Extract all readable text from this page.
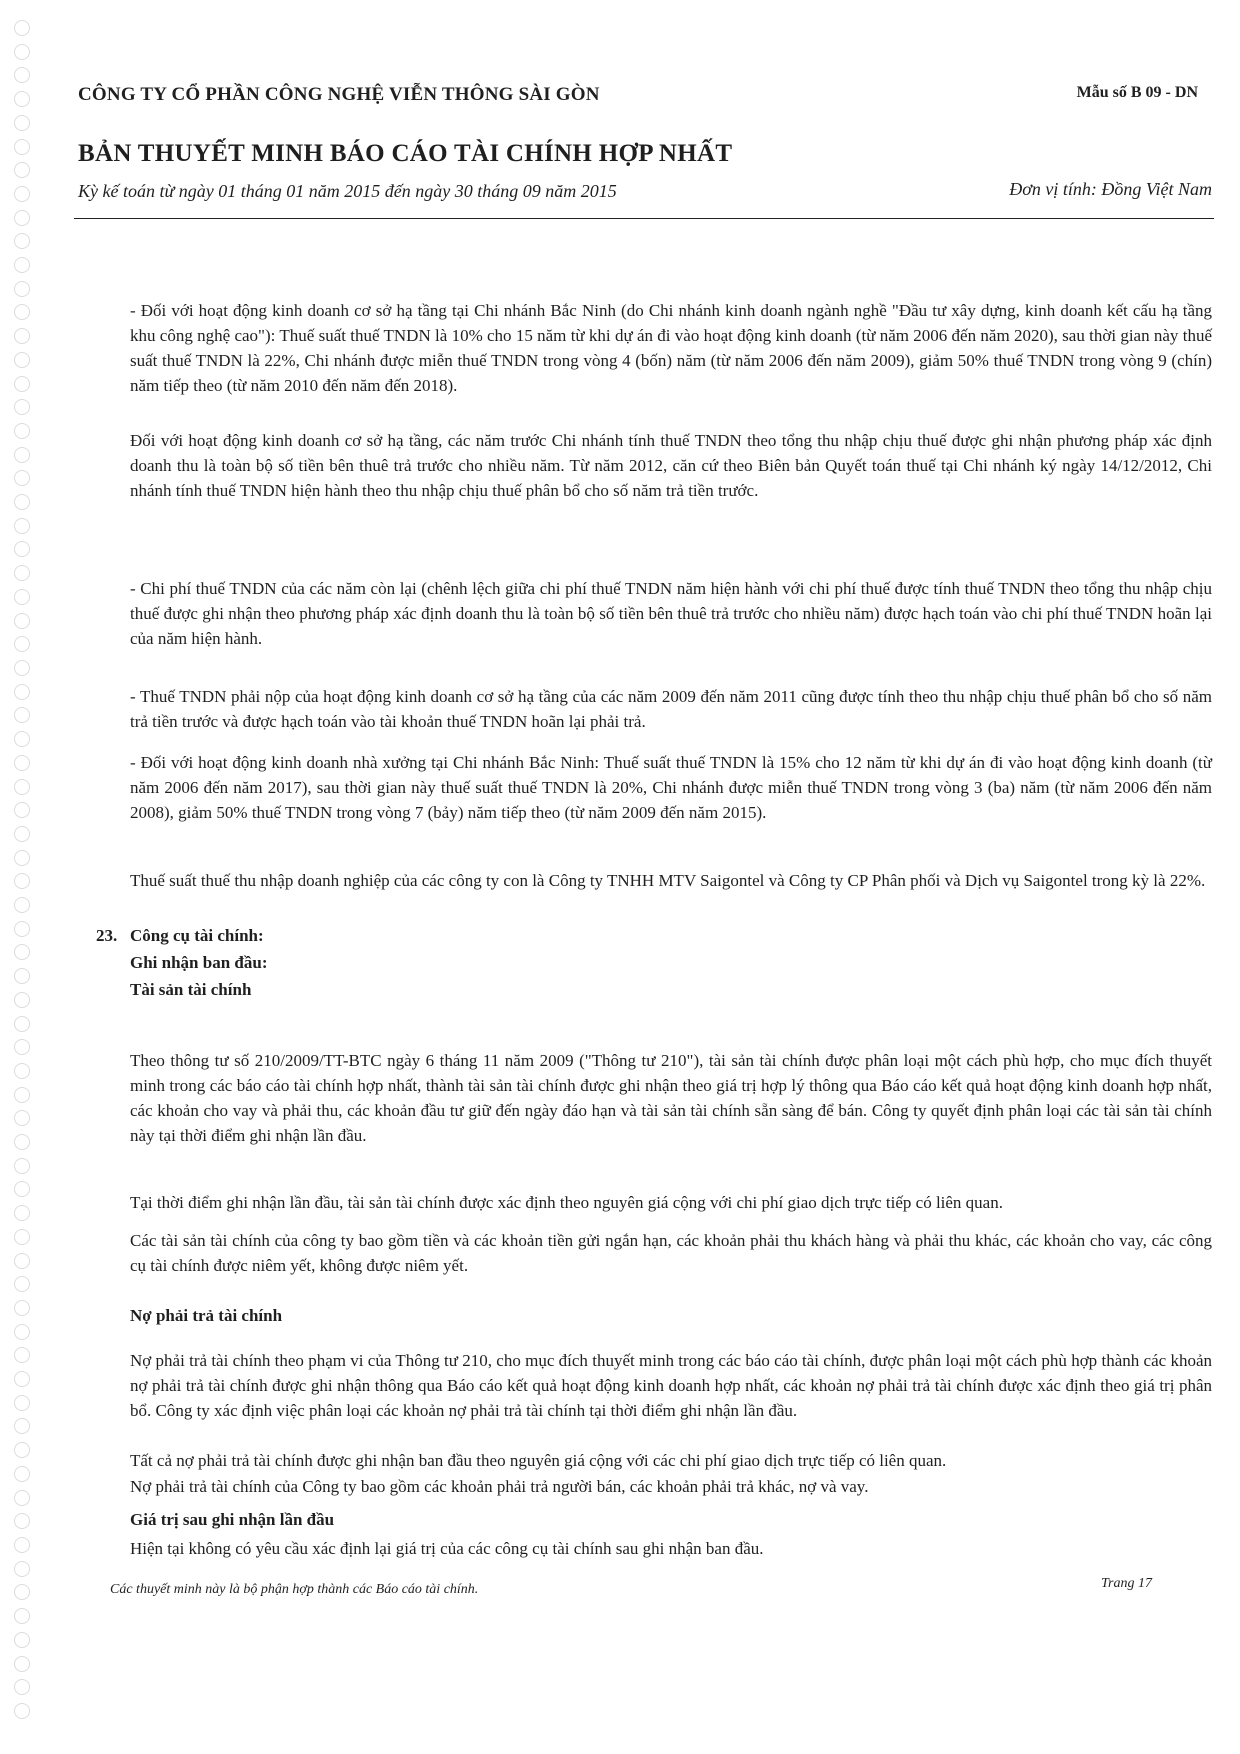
CÔNG TY CỔ PHẦN CÔNG NGHỆ VIỄN THÔNG SÀI GÒN	Mẫu số B 09 - DN
BẢN THUYẾT MINH BÁO CÁO TÀI CHÍNH HỢP NHẤT
Kỳ kế toán từ ngày 01 tháng 01 năm 2015 đến ngày 30 tháng 09 năm 2015	Đơn vị tính: Đồng Việt Nam
- Đối với hoạt động kinh doanh cơ sở hạ tầng tại Chi nhánh Bắc Ninh (do Chi nhánh kinh doanh ngành nghề "Đầu tư xây dựng, kinh doanh kết cấu hạ tầng khu công nghệ cao"): Thuế suất thuế TNDN là 10% cho 15 năm từ khi dự án đi vào hoạt động kinh doanh (từ năm 2006 đến năm 2020), sau thời gian này thuế suất thuế TNDN là 22%, Chi nhánh được miễn thuế TNDN trong vòng 4 (bốn) năm (từ năm 2006 đến năm 2009), giảm 50% thuế TNDN trong vòng 9 (chín) năm tiếp theo (từ năm 2010 đến năm đến 2018).
Đối với hoạt động kinh doanh cơ sở hạ tầng, các năm trước Chi nhánh tính thuế TNDN theo tổng thu nhập chịu thuế được ghi nhận phương pháp xác định doanh thu là toàn bộ số tiền bên thuê trả trước cho nhiều năm. Từ năm 2012, căn cứ theo Biên bản Quyết toán thuế tại Chi nhánh ký ngày 14/12/2012, Chi nhánh tính thuế TNDN hiện hành theo thu nhập chịu thuế phân bổ cho số năm trả tiền trước.
- Chi phí thuế TNDN của các năm còn lại (chênh lệch giữa chi phí thuế TNDN năm hiện hành với chi phí thuế được tính thuế TNDN theo tổng thu nhập chịu thuế được ghi nhận theo phương pháp xác định doanh thu là toàn bộ số tiền bên thuê trả trước cho nhiều năm) được hạch toán vào chi phí thuế TNDN hoãn lại của năm hiện hành.
- Thuế TNDN phải nộp của hoạt động kinh doanh cơ sở hạ tầng của các năm 2009 đến năm 2011 cũng được tính theo thu nhập chịu thuế phân bổ cho số năm trả tiền trước và được hạch toán vào tài khoản thuế TNDN hoãn lại phải trả.
- Đối với hoạt động kinh doanh nhà xưởng tại Chi nhánh Bắc Ninh: Thuế suất thuế TNDN là 15% cho 12 năm từ khi dự án đi vào hoạt động kinh doanh (từ năm 2006 đến năm 2017), sau thời gian này thuế suất thuế TNDN là 20%, Chi nhánh được miễn thuế TNDN trong vòng 3 (ba) năm (từ năm 2006 đến năm 2008), giảm 50% thuế TNDN trong vòng 7 (bảy) năm tiếp theo (từ năm 2009 đến năm 2015).
Thuế suất thuế thu nhập doanh nghiệp của các công ty con là Công ty TNHH MTV Saigontel và Công ty CP Phân phối và Dịch vụ Saigontel trong kỳ là 22%.
23. Công cụ tài chính:
Ghi nhận ban đầu:
Tài sản tài chính
Theo thông tư số 210/2009/TT-BTC ngày 6 tháng 11 năm 2009 ("Thông tư 210"), tài sản tài chính được phân loại một cách phù hợp, cho mục đích thuyết minh trong các báo cáo tài chính hợp nhất, thành tài sản tài chính được ghi nhận theo giá trị hợp lý thông qua Báo cáo kết quả hoạt động kinh doanh hợp nhất, các khoản cho vay và phải thu, các khoản đầu tư giữ đến ngày đáo hạn và tài sản tài chính sẵn sàng để bán. Công ty quyết định phân loại các tài sản tài chính này tại thời điểm ghi nhận lần đầu.
Tại thời điểm ghi nhận lần đầu, tài sản tài chính được xác định theo nguyên giá cộng với chi phí giao dịch trực tiếp có liên quan.
Các tài sản tài chính của công ty bao gồm tiền và các khoản tiền gửi ngắn hạn, các khoản phải thu khách hàng và phải thu khác, các khoản cho vay, các công cụ tài chính được niêm yết, không được niêm yết.
Nợ phải trả tài chính
Nợ phải trả tài chính theo phạm vi của Thông tư 210, cho mục đích thuyết minh trong các báo cáo tài chính, được phân loại một cách phù hợp thành các khoản nợ phải trả tài chính được ghi nhận thông qua Báo cáo kết quả hoạt động kinh doanh hợp nhất, các khoản nợ phải trả tài chính được xác định theo giá trị phân bổ. Công ty xác định việc phân loại các khoản nợ phải trả tài chính tại thời điểm ghi nhận lần đầu.
Tất cả nợ phải trả tài chính được ghi nhận ban đầu theo nguyên giá cộng với các chi phí giao dịch trực tiếp có liên quan.
Nợ phải trả tài chính của Công ty bao gồm các khoản phải trả người bán, các khoản phải trả khác, nợ và vay.
Giá trị sau ghi nhận lần đầu
Hiện tại không có yêu cầu xác định lại giá trị của các công cụ tài chính sau ghi nhận ban đầu.
Các thuyết minh này là bộ phận hợp thành các Báo cáo tài chính.	Trang 17
